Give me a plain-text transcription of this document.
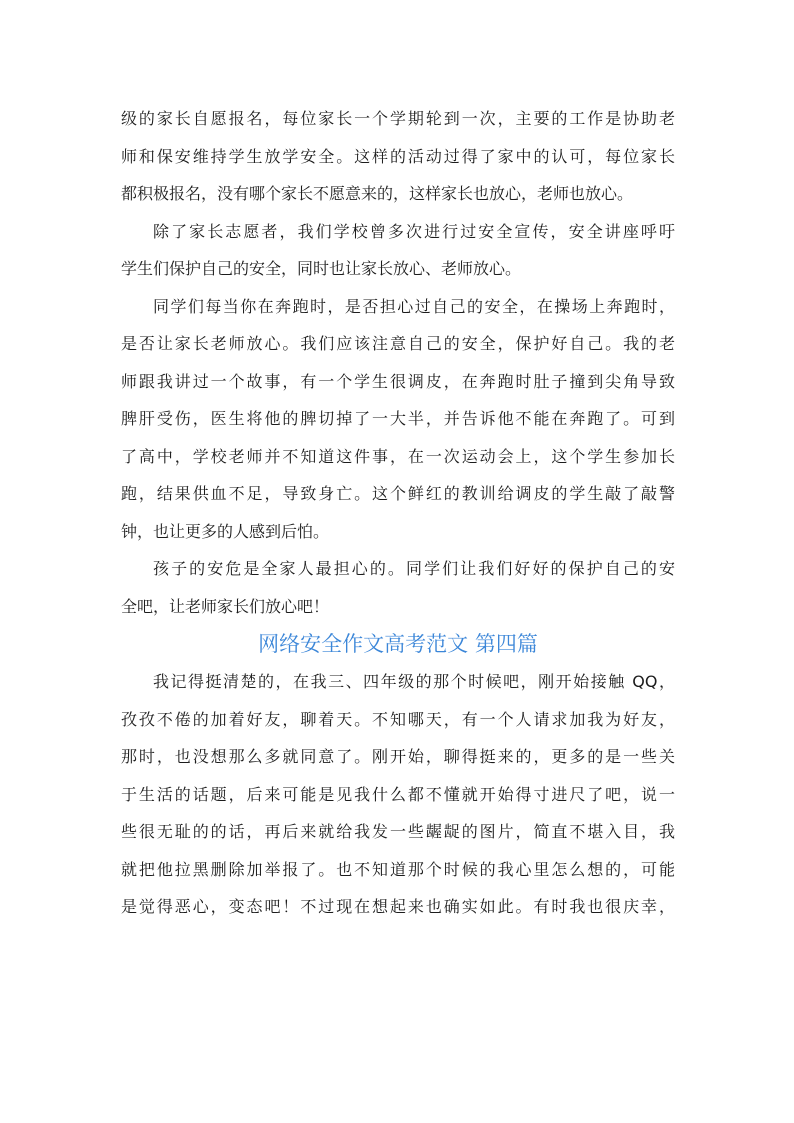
级的家长自愿报名，每位家长一个学期轮到一次，主要的工作是协助老
师和保安维持学生放学安全。这样的活动过得了家中的认可，每位家长
都积极报名，没有哪个家长不愿意来的，这样家长也放心，老师也放心。
除了家长志愿者，我们学校曾多次进行过安全宣传，安全讲座呼吁
学生们保护自己的安全，同时也让家长放心、老师放心。
同学们每当你在奔跑时，是否担心过自己的安全，在操场上奔跑时，
是否让家长老师放心。我们应该注意自己的安全，保护好自己。我的老
师跟我讲过一个故事，有一个学生很调皮，在奔跑时肚子撞到尖角导致
脾肝受伤，医生将他的脾切掉了一大半，并告诉他不能在奔跑了。可到
了高中，学校老师并不知道这件事，在一次运动会上，这个学生参加长
跑，结果供血不足，导致身亡。这个鲜红的教训给调皮的学生敲了敲警
钟，也让更多的人感到后怕。
孩子的安危是全家人最担心的。同学们让我们好好的保护自己的安
全吧，让老师家长们放心吧！
网络安全作文高考范文 第四篇
我记得挺清楚的，在我三、四年级的那个时候吧，刚开始接触 QQ，
孜孜不倦的加着好友，聊着天。不知哪天，有一个人请求加我为好友，
那时，也没想那么多就同意了。刚开始，聊得挺来的，更多的是一些关
于生活的话题，后来可能是见我什么都不懂就开始得寸进尺了吧，说一
些很无耻的的话，再后来就给我发一些龌龊的图片，简直不堪入目，我
就把他拉黑删除加举报了。也不知道那个时候的我心里怎么想的，可能
是觉得恶心，变态吧！不过现在想起来也确实如此。有时我也很庆幸，
